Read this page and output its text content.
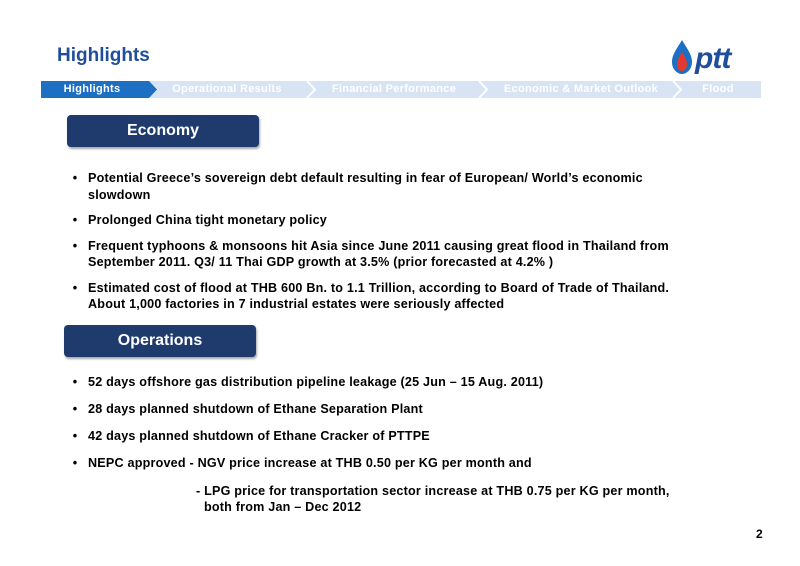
Highlights	ptt
Highlights	Operational Results	Financial Performance	Economic & Market Outlook	Flood
Economy
• Potential Greece’s sovereign debt default resulting in fear of European/ World’s economic
slowdown
• Prolonged China tight monetary policy
• Frequent typhoons & monsoons hit Asia since June 2011 causing great flood in Thailand from
September 2011. Q3/ 11 Thai GDP growth at 3.5% (prior forecasted at 4.2% )
• Estimated cost of flood at THB 600 Bn. to 1.1 Trillion, according to Board of Trade of Thailand.
About 1,000 factories in 7 industrial estates were seriously affected
Operations
• 52 days offshore gas distribution pipeline leakage (25 Jun – 15 Aug. 2011)
• 28 days planned shutdown of Ethane Separation Plant
• 42 days planned shutdown of Ethane Cracker of PTTPE
• NEPC approved - NGV price increase at THB 0.50 per KG per month and
- LPG price for transportation sector increase at THB 0.75 per KG per month,
both from Jan – Dec 2012
2
